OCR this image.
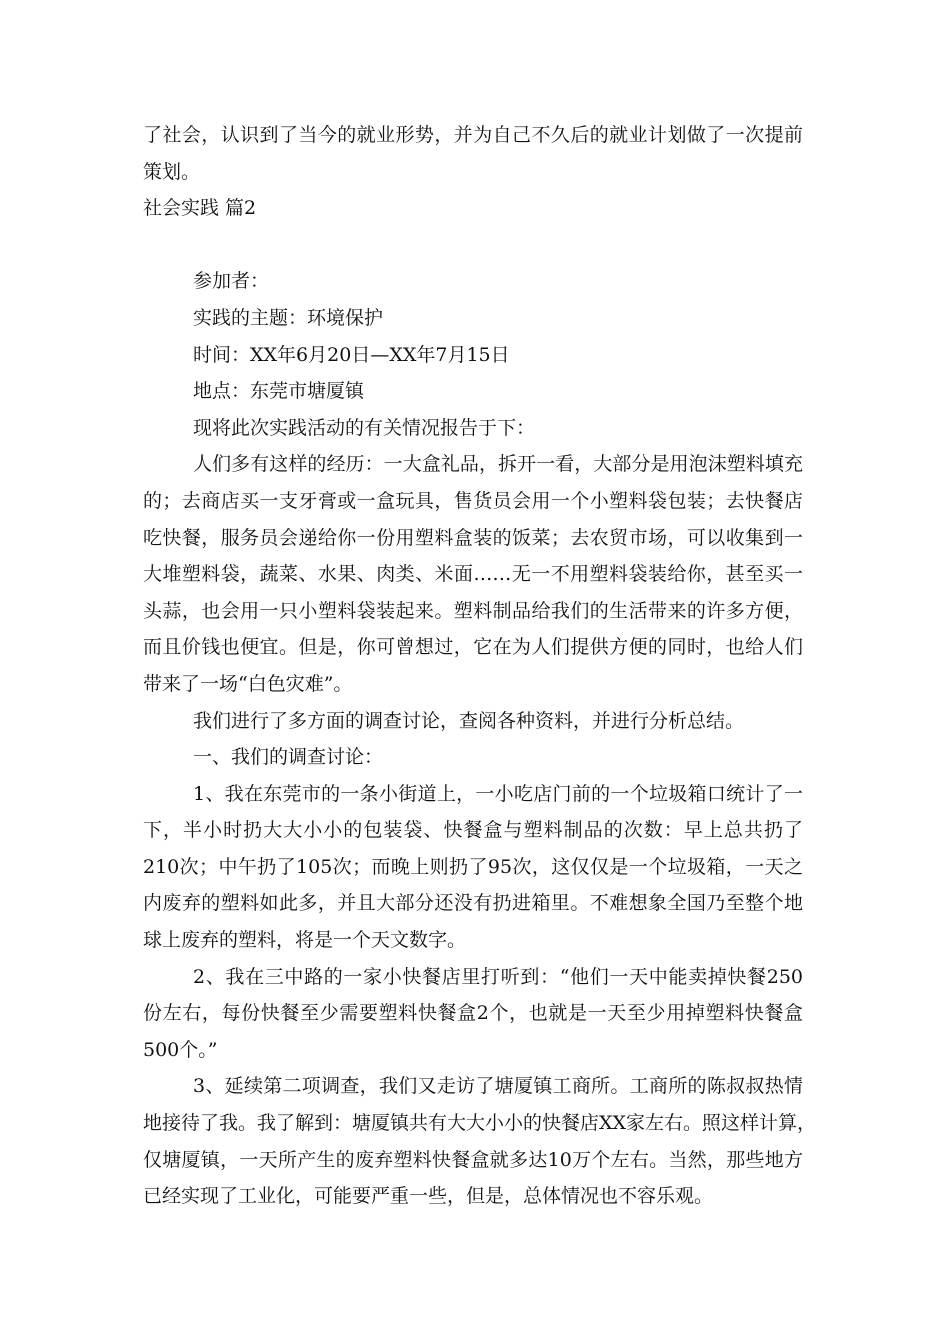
了社会，认识到了当今的就业形势，并为自己不久后的就业计划做了一次提前
策划。
社会实践 篇2
参加者：
实践的主题：环境保护
时间：XX年6月20日—XX年7月15日
地点：东莞市塘厦镇
现将此次实践活动的有关情况报告于下：
人们多有这样的经历：一大盒礼品，拆开一看，大部分是用泡沫塑料填充
的；去商店买一支牙膏或一盒玩具，售货员会用一个小塑料袋包装；去快餐店
吃快餐，服务员会递给你一份用塑料盒装的饭菜；去农贸市场，可以收集到一
大堆塑料袋，蔬菜、水果、肉类、米面……无一不用塑料袋装给你，甚至买一
头蒜，也会用一只小塑料袋装起来。塑料制品给我们的生活带来的许多方便，
而且价钱也便宜。但是，你可曾想过，它在为人们提供方便的同时，也给人们
带来了一场“白色灾难”。
我们进行了多方面的调查讨论，查阅各种资料，并进行分析总结。
一、我们的调查讨论：
1、我在东莞市的一条小街道上，一小吃店门前的一个垃圾箱口统计了一
下，半小时扔大大小小的包装袋、快餐盒与塑料制品的次数：早上总共扔了
210次；中午扔了105次；而晚上则扔了95次，这仅仅是一个垃圾箱，一天之
内废弃的塑料如此多，并且大部分还没有扔进箱里。不难想象全国乃至整个地
球上废弃的塑料，将是一个天文数字。
2、我在三中路的一家小快餐店里打听到：“他们一天中能卖掉快餐250
份左右，每份快餐至少需要塑料快餐盒2个，也就是一天至少用掉塑料快餐盒
500个。”
3、延续第二项调查，我们又走访了塘厦镇工商所。工商所的陈叔叔热情
地接待了我。我了解到：塘厦镇共有大大小小的快餐店XX家左右。照这样计算，
仅塘厦镇，一天所产生的废弃塑料快餐盒就多达10万个左右。当然，那些地方
已经实现了工业化，可能要严重一些，但是，总体情况也不容乐观。
